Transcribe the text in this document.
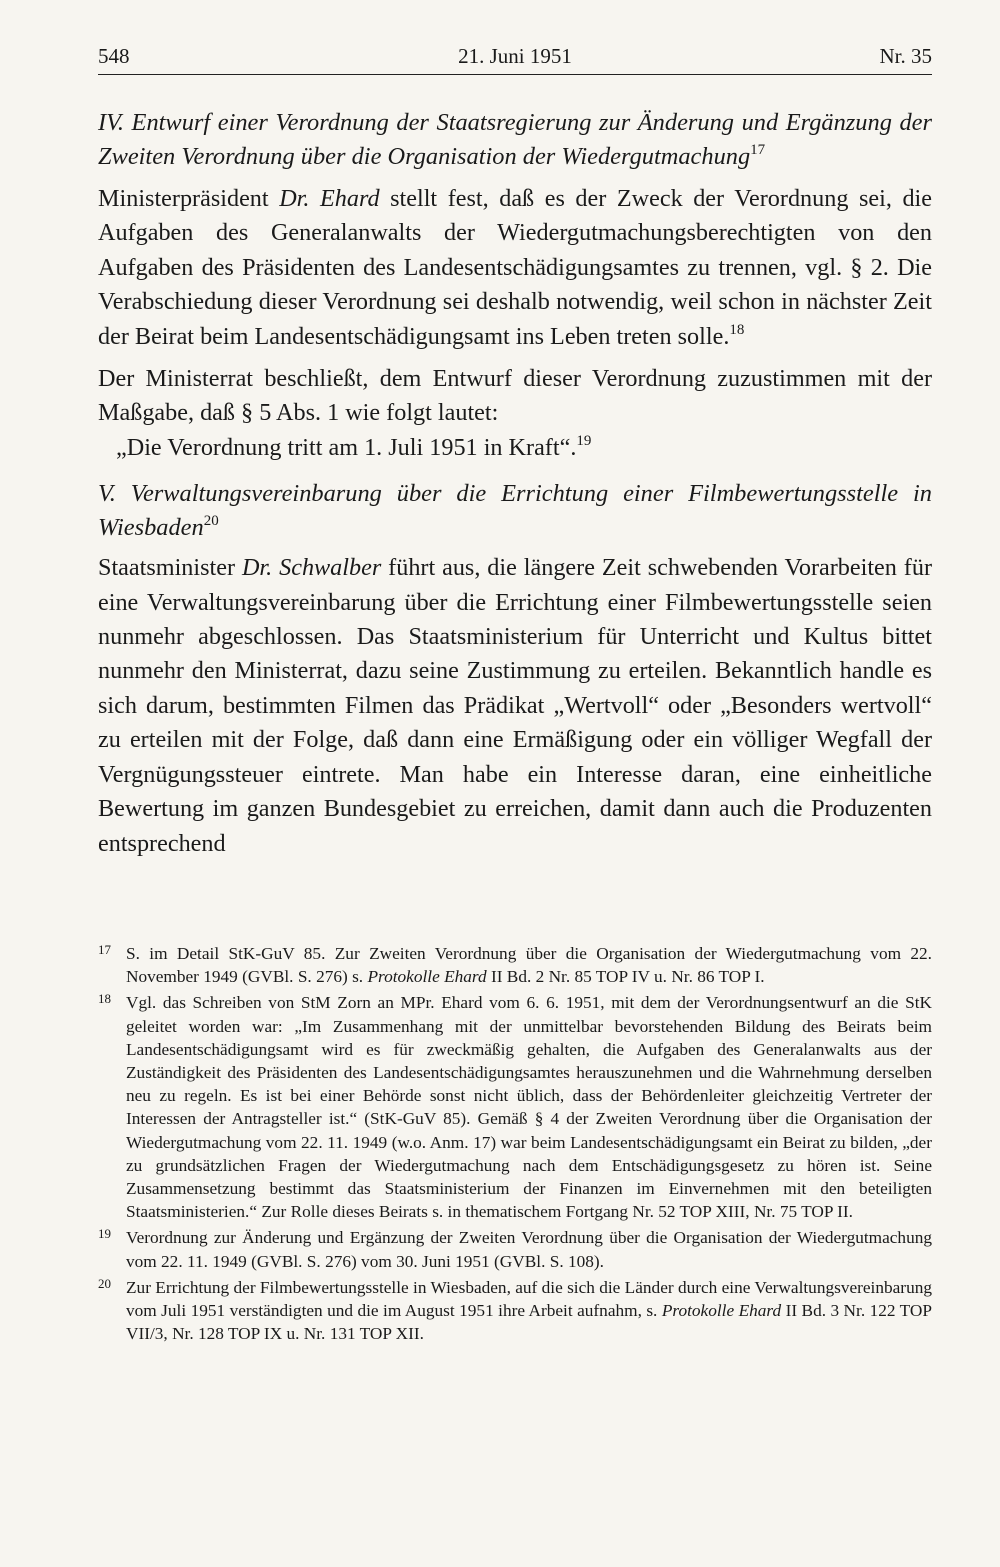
548	21. Juni 1951	Nr. 35

IV. Entwurf einer Verordnung der Staatsregierung zur Änderung und Ergänzung der Zweiten Verordnung über die Organisation der Wiedergutmachung$^{17}$

Ministerpräsident Dr. Ehard stellt fest, daß es der Zweck der Verordnung sei, die Aufgaben des Generalanwalts der Wiedergutmachungsberechtigten von den Aufgaben des Präsidenten des Landesentschädigungsamtes zu trennen, vgl. § 2. Die Verabschiedung dieser Verordnung sei deshalb notwendig, weil schon in nächster Zeit der Beirat beim Landesentschädigungsamt ins Leben treten solle.$^{18}$

Der Ministerrat beschließt, dem Entwurf dieser Verordnung zuzustimmen mit der Maßgabe, daß § 5 Abs. 1 wie folgt lautet:
„Die Verordnung tritt am 1. Juli 1951 in Kraft“.$^{19}$

V. Verwaltungsvereinbarung über die Errichtung einer Filmbewertungsstelle in Wiesbaden$^{20}$

Staatsminister Dr. Schwalber führt aus, die längere Zeit schwebenden Vorarbeiten für eine Verwaltungsvereinbarung über die Errichtung einer Filmbewertungsstelle seien nunmehr abgeschlossen. Das Staatsministerium für Unterricht und Kultus bittet nunmehr den Ministerrat, dazu seine Zustimmung zu erteilen. Bekanntlich handle es sich darum, bestimmten Filmen das Prädikat „Wertvoll“ oder „Besonders wertvoll“ zu erteilen mit der Folge, daß dann eine Ermäßigung oder ein völliger Wegfall der Vergnügungssteuer eintrete. Man habe ein Interesse daran, eine einheitliche Bewertung im ganzen Bundesgebiet zu erreichen, damit dann auch die Produzenten entsprechend

17 S. im Detail StK-GuV 85. Zur Zweiten Verordnung über die Organisation der Wiedergutmachung vom 22. November 1949 (GVBl. S. 276) s. Protokolle Ehard II Bd. 2 Nr. 85 TOP IV u. Nr. 86 TOP I.

18 Vgl. das Schreiben von StM Zorn an MPr. Ehard vom 6. 6. 1951, mit dem der Verordnungsentwurf an die StK geleitet worden war: „Im Zusammenhang mit der unmittelbar bevorstehenden Bildung des Beirats beim Landesentschädigungsamt wird es für zweckmäßig gehalten, die Aufgaben des Generalanwalts aus der Zuständigkeit des Präsidenten des Landesentschädigungsamtes herauszunehmen und die Wahrnehmung derselben neu zu regeln. Es ist bei einer Behörde sonst nicht üblich, dass der Behördenleiter gleichzeitig Vertreter der Interessen der Antragsteller ist.“ (StK-GuV 85). Gemäß § 4 der Zweiten Verordnung über die Organisation der Wiedergutmachung vom 22. 11. 1949 (w.o. Anm. 17) war beim Landesentschädigungsamt ein Beirat zu bilden, „der zu grundsätzlichen Fragen der Wiedergutmachung nach dem Entschädigungsgesetz zu hören ist. Seine Zusammensetzung bestimmt das Staatsministerium der Finanzen im Einvernehmen mit den beteiligten Staatsministerien.“ Zur Rolle dieses Beirats s. in thematischem Fortgang Nr. 52 TOP XIII, Nr. 75 TOP II.

19 Verordnung zur Änderung und Ergänzung der Zweiten Verordnung über die Organisation der Wiedergutmachung vom 22. 11. 1949 (GVBl. S. 276) vom 30. Juni 1951 (GVBl. S. 108).

20 Zur Errichtung der Filmbewertungsstelle in Wiesbaden, auf die sich die Länder durch eine Verwaltungsvereinbarung vom Juli 1951 verständigten und die im August 1951 ihre Arbeit aufnahm, s. Protokolle Ehard II Bd. 3 Nr. 122 TOP VII/3, Nr. 128 TOP IX u. Nr. 131 TOP XII.
